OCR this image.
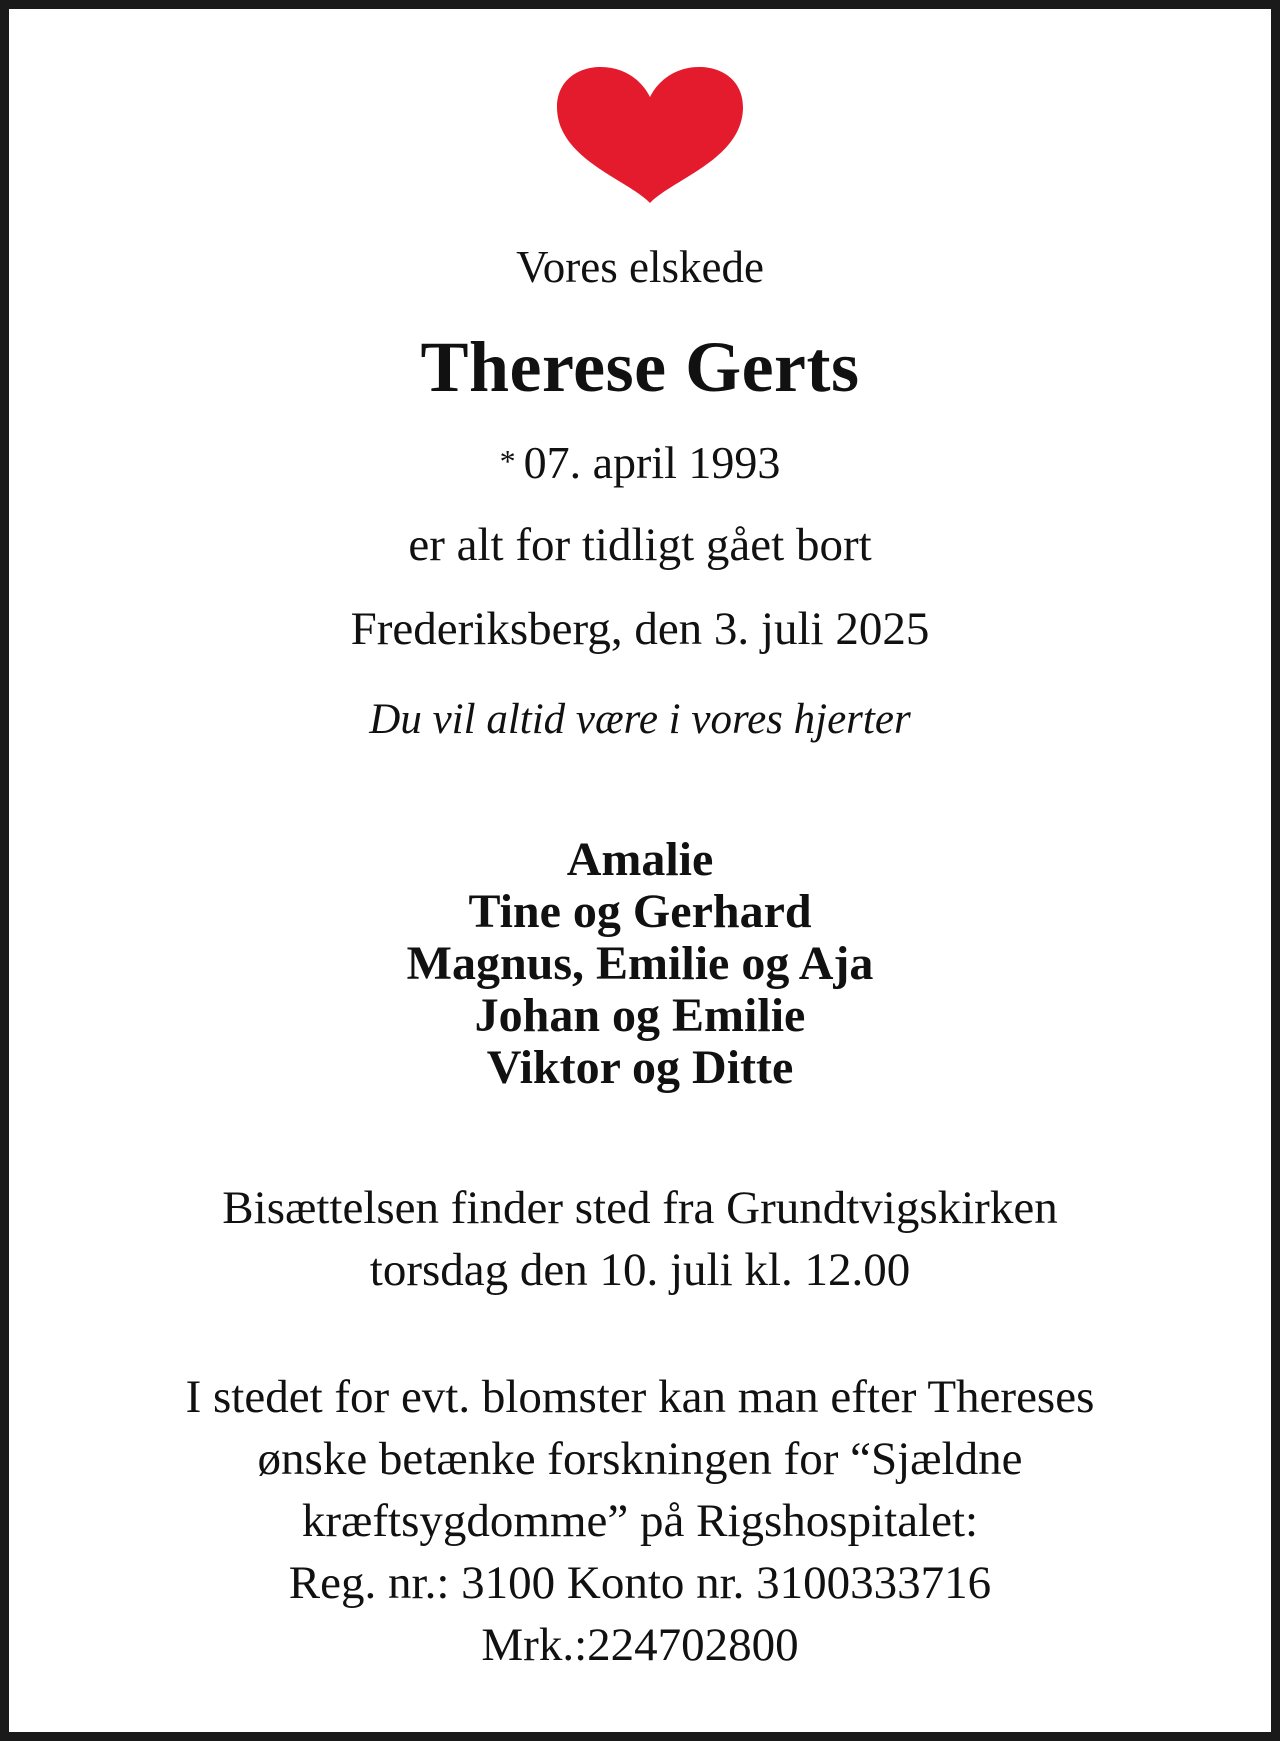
Vores elskede

Therese Gerts

* 07. april 1993

er alt for tidligt gået bort

Frederiksberg, den 3. juli 2025

Du vil altid være i vores hjerter

Amalie
Tine og Gerhard
Magnus, Emilie og Aja
Johan og Emilie
Viktor og Ditte
Bisættelsen finder sted fra Grundtvigskirken
torsdag den 10. juli kl. 12.00
I stedet for evt. blomster kan man efter Thereses
ønske betænke forskningen for “Sjældne
kræftsygdomme” på Rigshospitalet:
Reg. nr.: 3100 Konto nr. 3100333716
Mrk.:224702800
